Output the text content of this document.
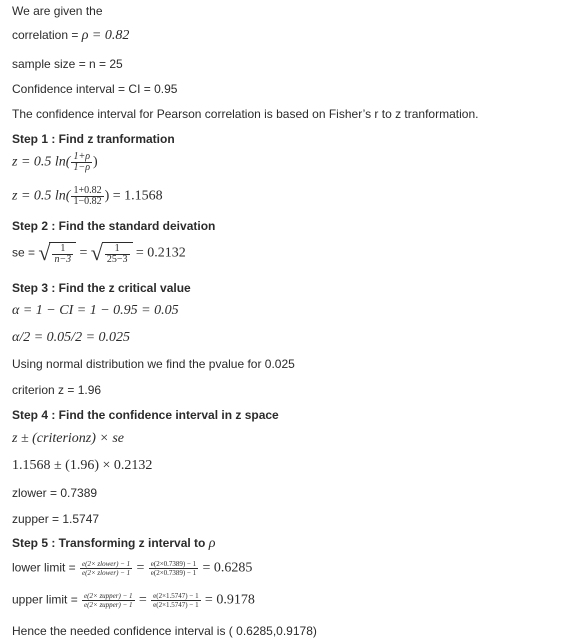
We are given the
correlation = ρ = 0.82
sample size = n = 25
Confidence interval = CI = 0.95
The confidence interval for Pearson correlation is based on Fisher’s r to z tranformation.
Step 1 : Find z tranformation
z = 0.5 $\ln( \frac{1+\rho}{1-\rho}$ )
z = 0.5 $\ln( \frac{1+0.82}{1-0.82}$ ) = 1.1568
Step 2 : Find the standard deivation
se = √ $\frac{1}{n-3}$ = √ $\frac{1}{25-3} = 0.2132$
Step 3 : Find the z critical value
α = 1 − CI = 1 − 0.95 = 0.05
α/2 = 0.05/2 = 0.025
Using normal distribution we find the pvalue for 0.025
criterion z = 1.96
Step 4 : Find the confidence interval in z space
z ± (criterionz) × se
1.1568 ± (1.96) × 0.2132
zlower = 0.7389
zupper = 1.5747
Step 5 : Transforming z interval to ρ
lower limit = $\frac{\text{e(2× zlower) − 1}}{\text{e(2× zlower) − 1}} = \frac{e(2\times 0.7389) - 1}{e(2\times 0.7389) - 1} = 0.6285$
upper limit = $\frac{\text{e(2× zupper) − 1}}{\text{e(2× zupper) − 1}} = \frac{e(2\times 1.5747) - 1}{e(2\times 1.5747) - 1} = 0.9178$
Hence the needed confidence interval is ( 0.6285,0.9178)
